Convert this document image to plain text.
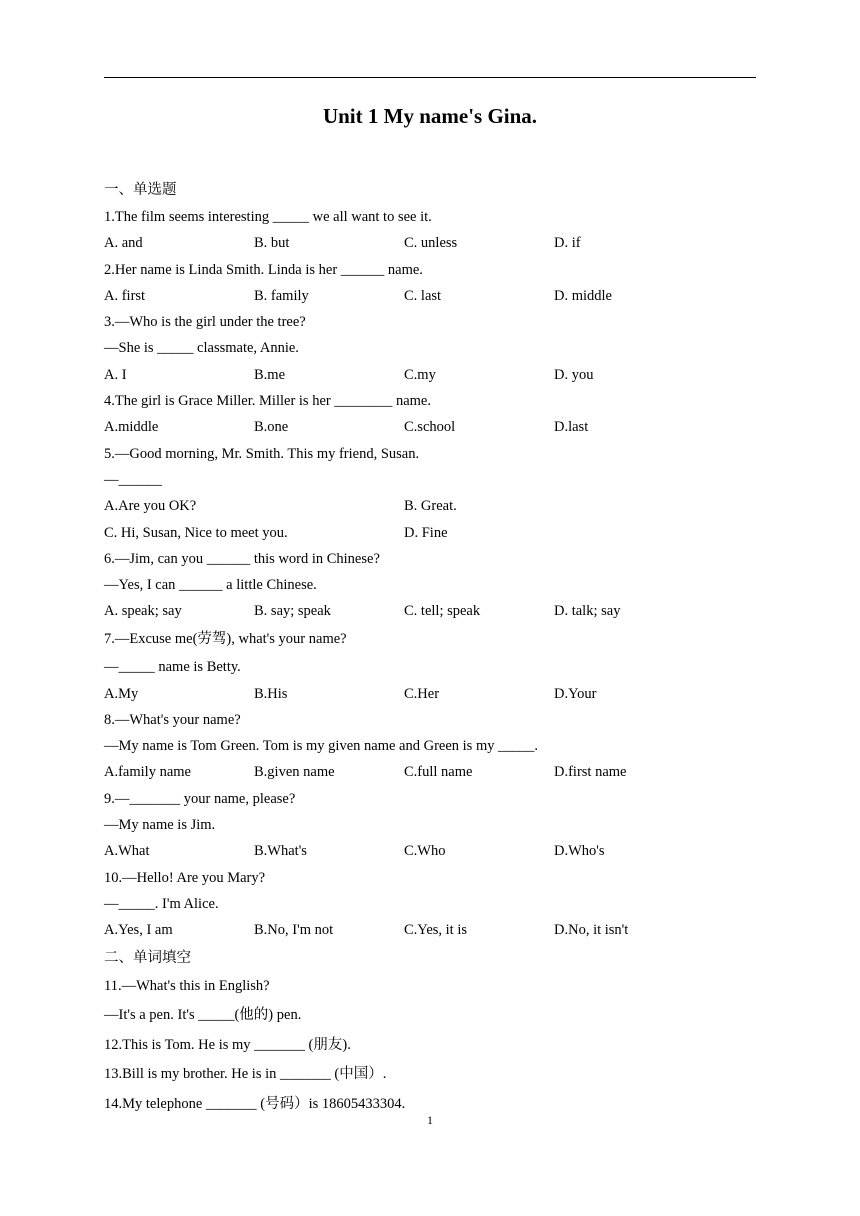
Unit 1 My name's Gina.
一、单选题
1.The film seems interesting _____ we all want to see it.
A. and	B. but	C. unless	D. if
2.Her name is Linda Smith. Linda is her ______ name.
A. first	B. family	C. last	D. middle
3.—Who is the girl under the tree?
—She is _____ classmate, Annie.
A. I	B.me	C.my	D. you
4.The girl is Grace Miller. Miller is her ________ name.
A.middle	B.one	C.school	D.last
5.—Good morning, Mr. Smith. This my friend, Susan.
—______
A.Are you OK?	B. Great.
C. Hi, Susan, Nice to meet you.	D. Fine
6.—Jim, can you ______ this word in Chinese?
—Yes, I can ______ a little Chinese.
A. speak; say	B. say; speak	C. tell; speak	D. talk; say
7.—Excuse me(劳驾), what's your name?
—_____ name is Betty.
A.My	B.His	C.Her	D.Your
8.—What's your name?
—My name is Tom Green. Tom is my given name and Green is my _____.
A.family name	B.given name	C.full name	D.first name
9.—_______ your name, please?
—My name is Jim.
A.What	B.What's	C.Who	D.Who's
10.—Hello! Are you Mary?
—_____. I'm Alice.
A.Yes, I am	B.No, I'm not	C.Yes, it is	D.No, it isn't
二、单词填空
11.—What's this in English?
—It's a pen. It's _____(他的) pen.
12.This is Tom. He is my _______ (朋友).
13.Bill is my brother. He is in _______ (中国）.
14.My telephone _______ (号码）is 18605433304.
1
